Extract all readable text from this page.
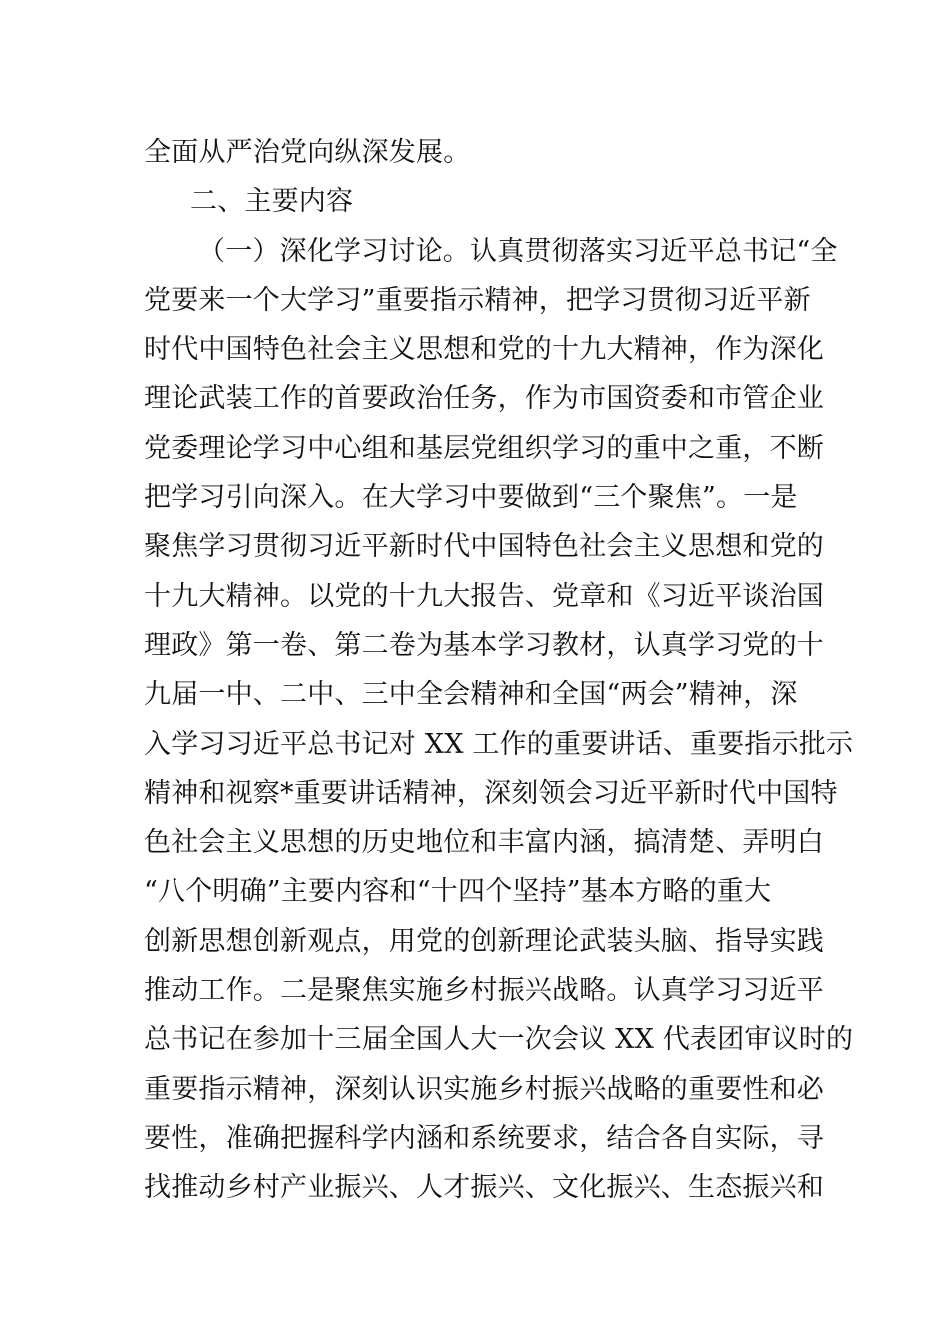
全面从严治党向纵深发展。
二、主要内容
（一）深化学习讨论。认真贯彻落实习近平总书记“全
党要来一个大学习”重要指示精神，把学习贯彻习近平新
时代中国特色社会主义思想和党的十九大精神，作为深化
理论武装工作的首要政治任务，作为市国资委和市管企业
党委理论学习中心组和基层党组织学习的重中之重，不断
把学习引向深入。在大学习中要做到“三个聚焦”。一是
聚焦学习贯彻习近平新时代中国特色社会主义思想和党的
十九大精神。以党的十九大报告、党章和《习近平谈治国
理政》第一卷、第二卷为基本学习教材，认真学习党的十
九届一中、二中、三中全会精神和全国“两会”精神，深
入学习习近平总书记对 XX 工作的重要讲话、重要指示批示
精神和视察*重要讲话精神，深刻领会习近平新时代中国特
色社会主义思想的历史地位和丰富内涵，搞清楚、弄明白
“八个明确”主要内容和“十四个坚持”基本方略的重大
创新思想创新观点，用党的创新理论武装头脑、指导实践
推动工作。二是聚焦实施乡村振兴战略。认真学习习近平
总书记在参加十三届全国人大一次会议 XX 代表团审议时的
重要指示精神，深刻认识实施乡村振兴战略的重要性和必
要性，准确把握科学内涵和系统要求，结合各自实际，寻
找推动乡村产业振兴、人才振兴、文化振兴、生态振兴和
